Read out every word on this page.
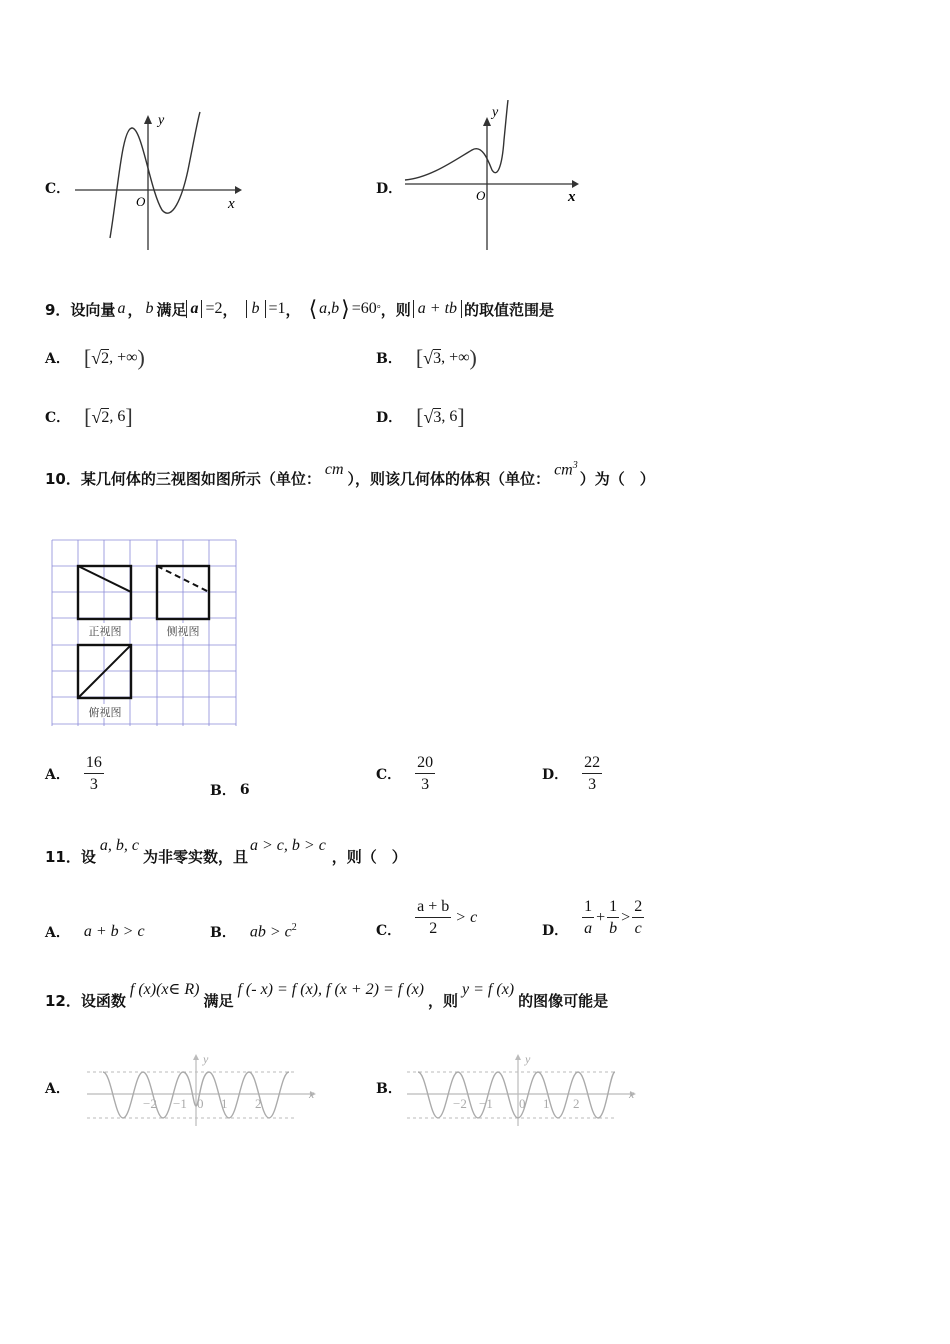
C．
y
x
O
D．
y
x
O
9．设向量 a ， b 满足 a =2 ， b =1 ， ⟨ a,b ⟩ =60 ° ，则 a + tb 的取值范围是
A． [ √ 2 , +∞ )	B． [ √ 3 , +∞ )
C． [ √ 2 , 6 ]	D． [ √ 3 , 6 ]
10．某几何体的三视图如图所示（单位：
cm
），则该几何体的体积（单位：
$cm^3$
）为（　）
正视图	侧视图
俯视图
A． $\frac{16}{3}$	B． 6
C． $\frac{20}{3}$	D． $\frac{22}{3}$
11．设
a, b, c
为非零实数，且
a > c, b > c
，则（　）
A． a + b > c	B． ab > $c^2$	C． $\frac{a + b}{2} > c$
D． $\frac{1}{a} + \frac{1}{b} > \frac{2}{c}$
12．设函数
f (x)(x∈ R)
满足
f (- x) = f (x), f (x + 2) = f (x)
，则
y = f (x)
的图像可能是
A．
y
x
−2 −1 0 1 2
B．
y
x
−2 −1 0 1 2
